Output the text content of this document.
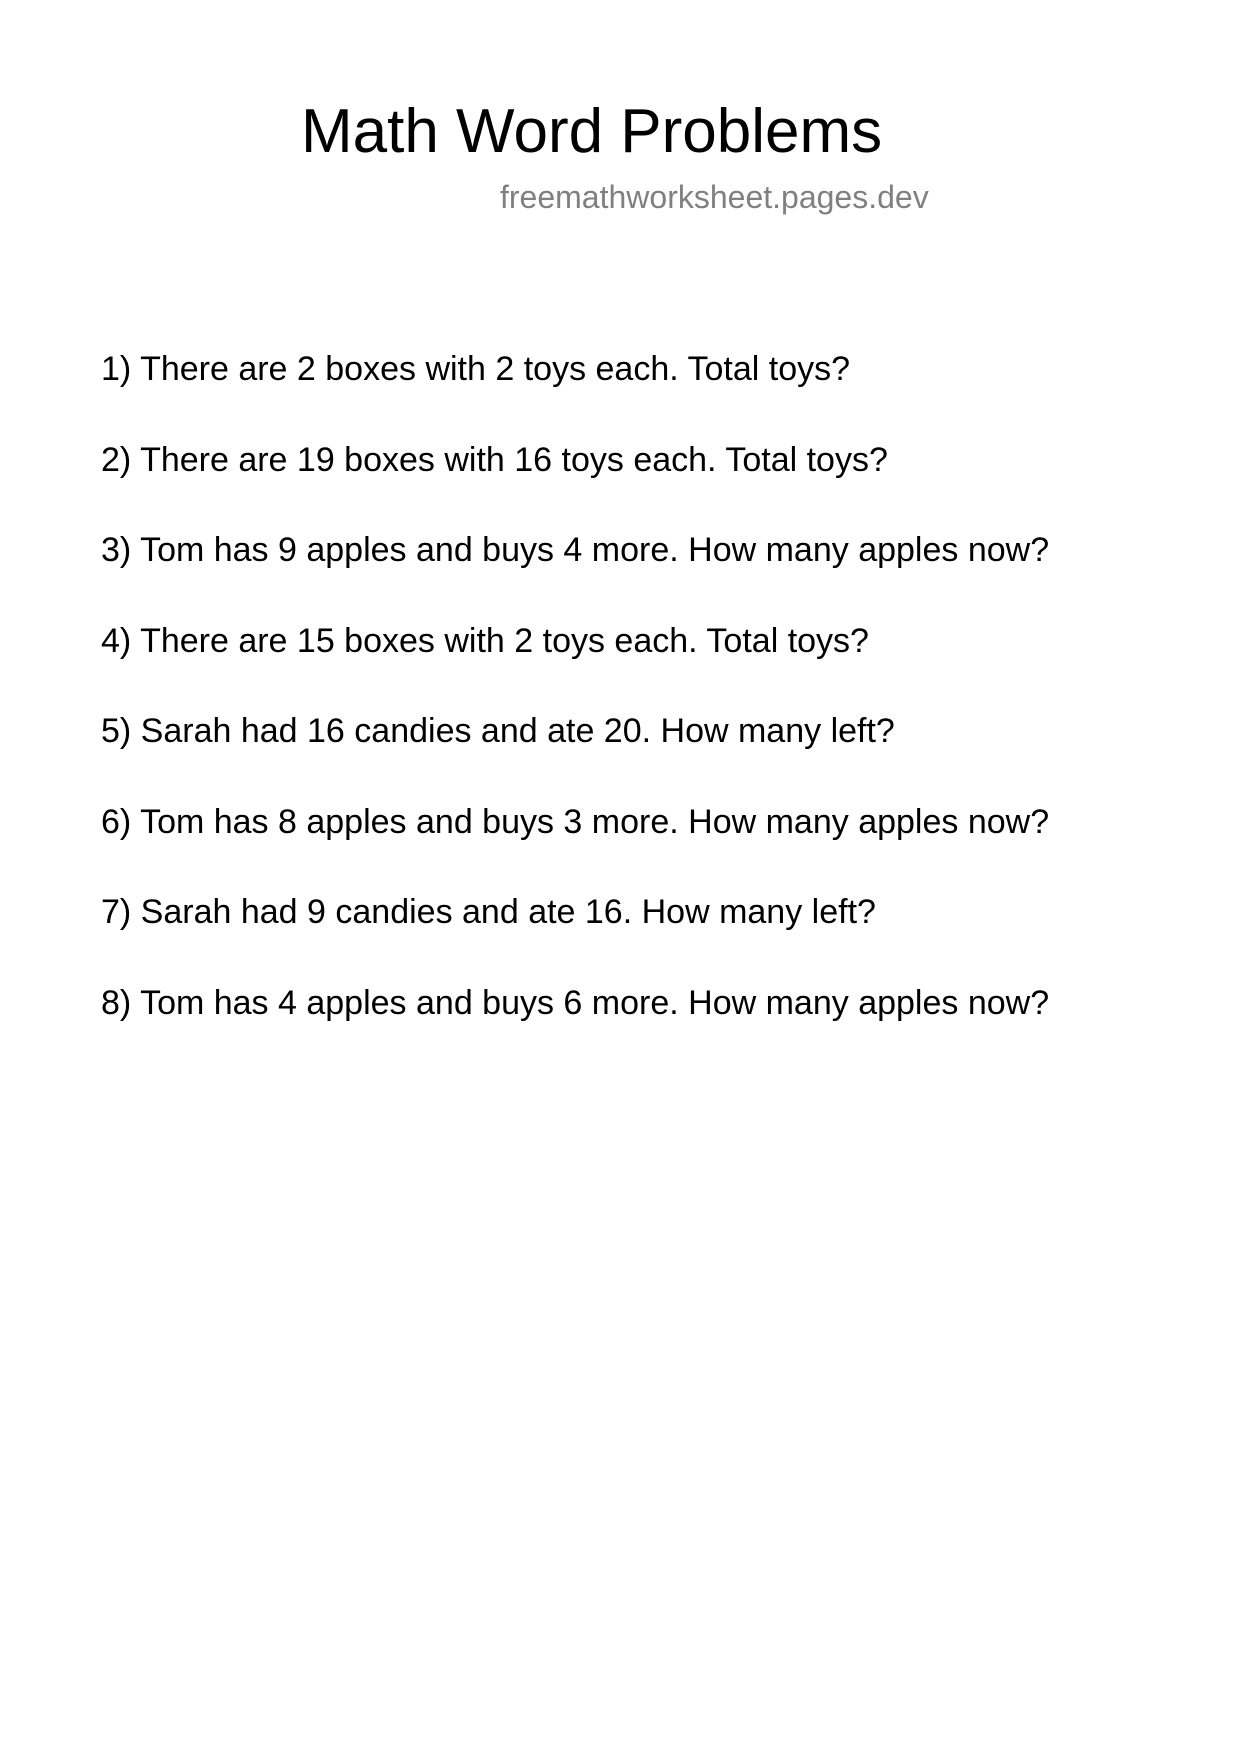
Math Word Problems
freemathworksheet.pages.dev
1) There are 2 boxes with 2 toys each. Total toys?
2) There are 19 boxes with 16 toys each. Total toys?
3) Tom has 9 apples and buys 4 more. How many apples now?
4) There are 15 boxes with 2 toys each. Total toys?
5) Sarah had 16 candies and ate 20. How many left?
6) Tom has 8 apples and buys 3 more. How many apples now?
7) Sarah had 9 candies and ate 16. How many left?
8) Tom has 4 apples and buys 6 more. How many apples now?
